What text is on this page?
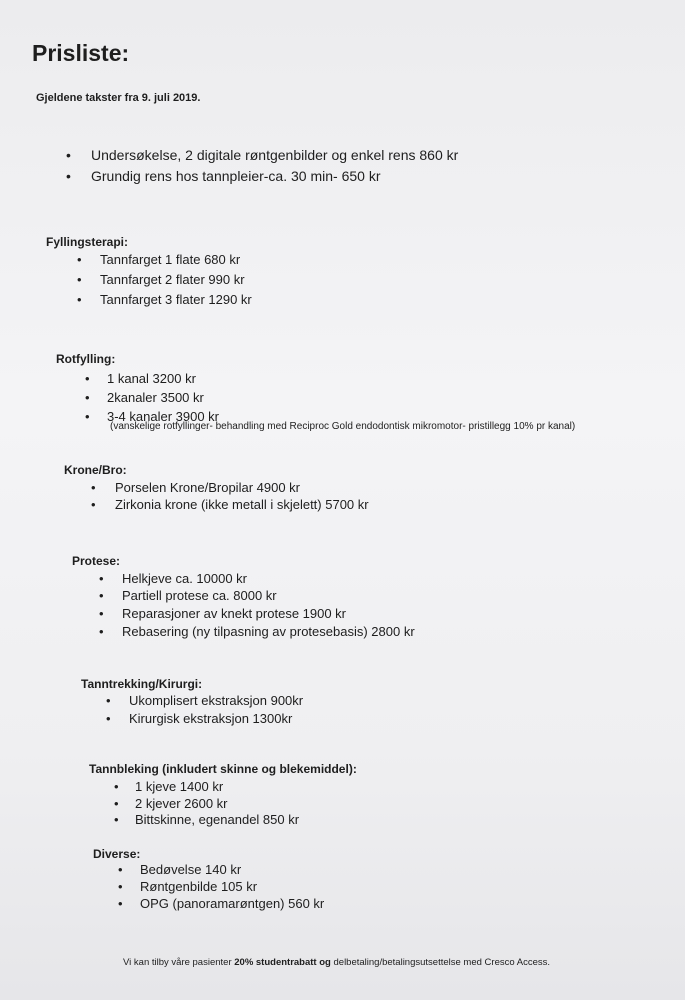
Prisliste:
Gjeldene takster fra 9. juli 2019.
• Undersøkelse, 2 digitale røntgenbilder og enkel rens 860 kr
• Grundig rens hos tannpleier-ca. 30 min- 650 kr
Fyllingsterapi:
• Tannfarget 1 flate 680 kr
• Tannfarget 2 flater 990 kr
• Tannfarget 3 flater 1290 kr
Rotfylling:
• 1 kanal 3200 kr
• 2kanaler 3500 kr
• 3-4 kanaler 3900 kr
(vanskelige rotfyllinger- behandling med Reciproc Gold endodontisk mikromotor- pristillegg 10% pr kanal)
Krone/Bro:
• Porselen Krone/Bropilar 4900 kr
• Zirkonia krone (ikke metall i skjelett) 5700 kr
Protese:
• Helkjeve ca. 10000 kr
• Partiell protese ca. 8000 kr
• Reparasjoner av knekt protese 1900 kr
• Rebasering (ny tilpasning av protesebasis) 2800 kr
Tanntrekking/Kirurgi:
• Ukomplisert ekstraksjon 900kr
• Kirurgisk ekstraksjon 1300kr
Tannbleking (inkludert skinne og blekemiddel):
• 1 kjeve 1400 kr
• 2 kjever 2600 kr
• Bittskinne, egenandel 850 kr
Diverse:
• Bedøvelse 140 kr
• Røntgenbilde 105 kr
• OPG (panoramarøntgen) 560 kr
Vi kan tilby våre pasienter 20% studentrabatt og delbetaling/betalingsutsettelse med Cresco Access.
